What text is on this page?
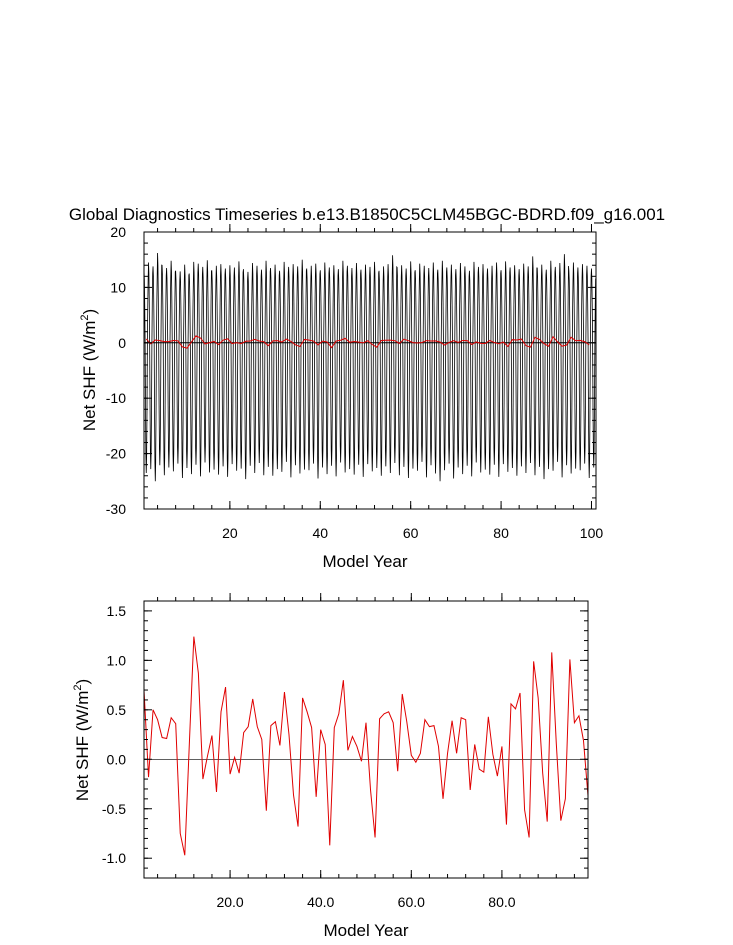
Global Diagnostics Timeseries b.e13.B1850C5CLM45BGC-BDRD.f09_g16.001
-30
-20
-10
0
10
20
20	40	60	80	100
Model Year
Net SHF $(W/m^2)$
-1.0
-0.5
0.0
0.5
1.0
1.5
20.0	40.0	60.0	80.0
Model Year
Net SHF $(W/m^2)$
